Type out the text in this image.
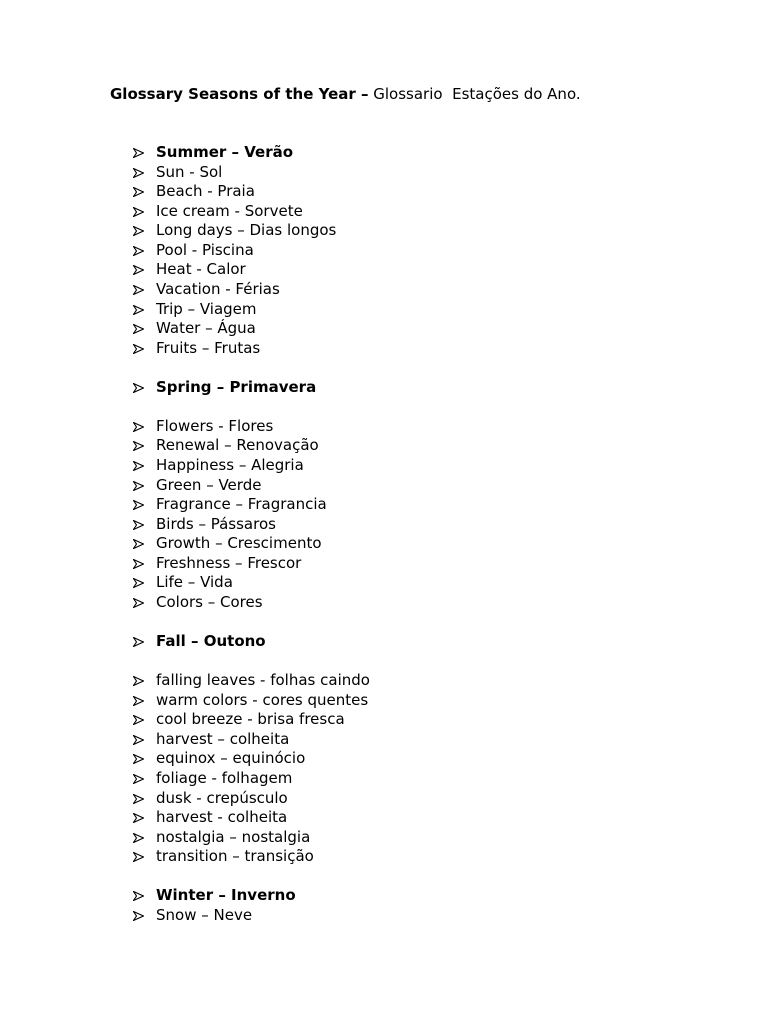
Glossary Seasons of the Year – Glossario  Estações do Ano.
Summer – Verão
Sun - Sol
Beach - Praia
Ice cream - Sorvete
Long days – Dias longos
Pool - Piscina
Heat - Calor
Vacation - Férias
Trip – Viagem
Water – Água
Fruits – Frutas
Spring – Primavera
Flowers - Flores
Renewal – Renovação
Happiness – Alegria
Green – Verde
Fragrance – Fragrancia
Birds – Pássaros
Growth – Crescimento
Freshness – Frescor
Life – Vida
Colors – Cores
Fall – Outono
falling leaves - folhas caindo
warm colors - cores quentes
cool breeze - brisa fresca
harvest – colheita
equinox – equinócio
foliage - folhagem
dusk - crepúsculo
harvest - colheita
nostalgia – nostalgia
transition – transição
Winter – Inverno
Snow – Neve
